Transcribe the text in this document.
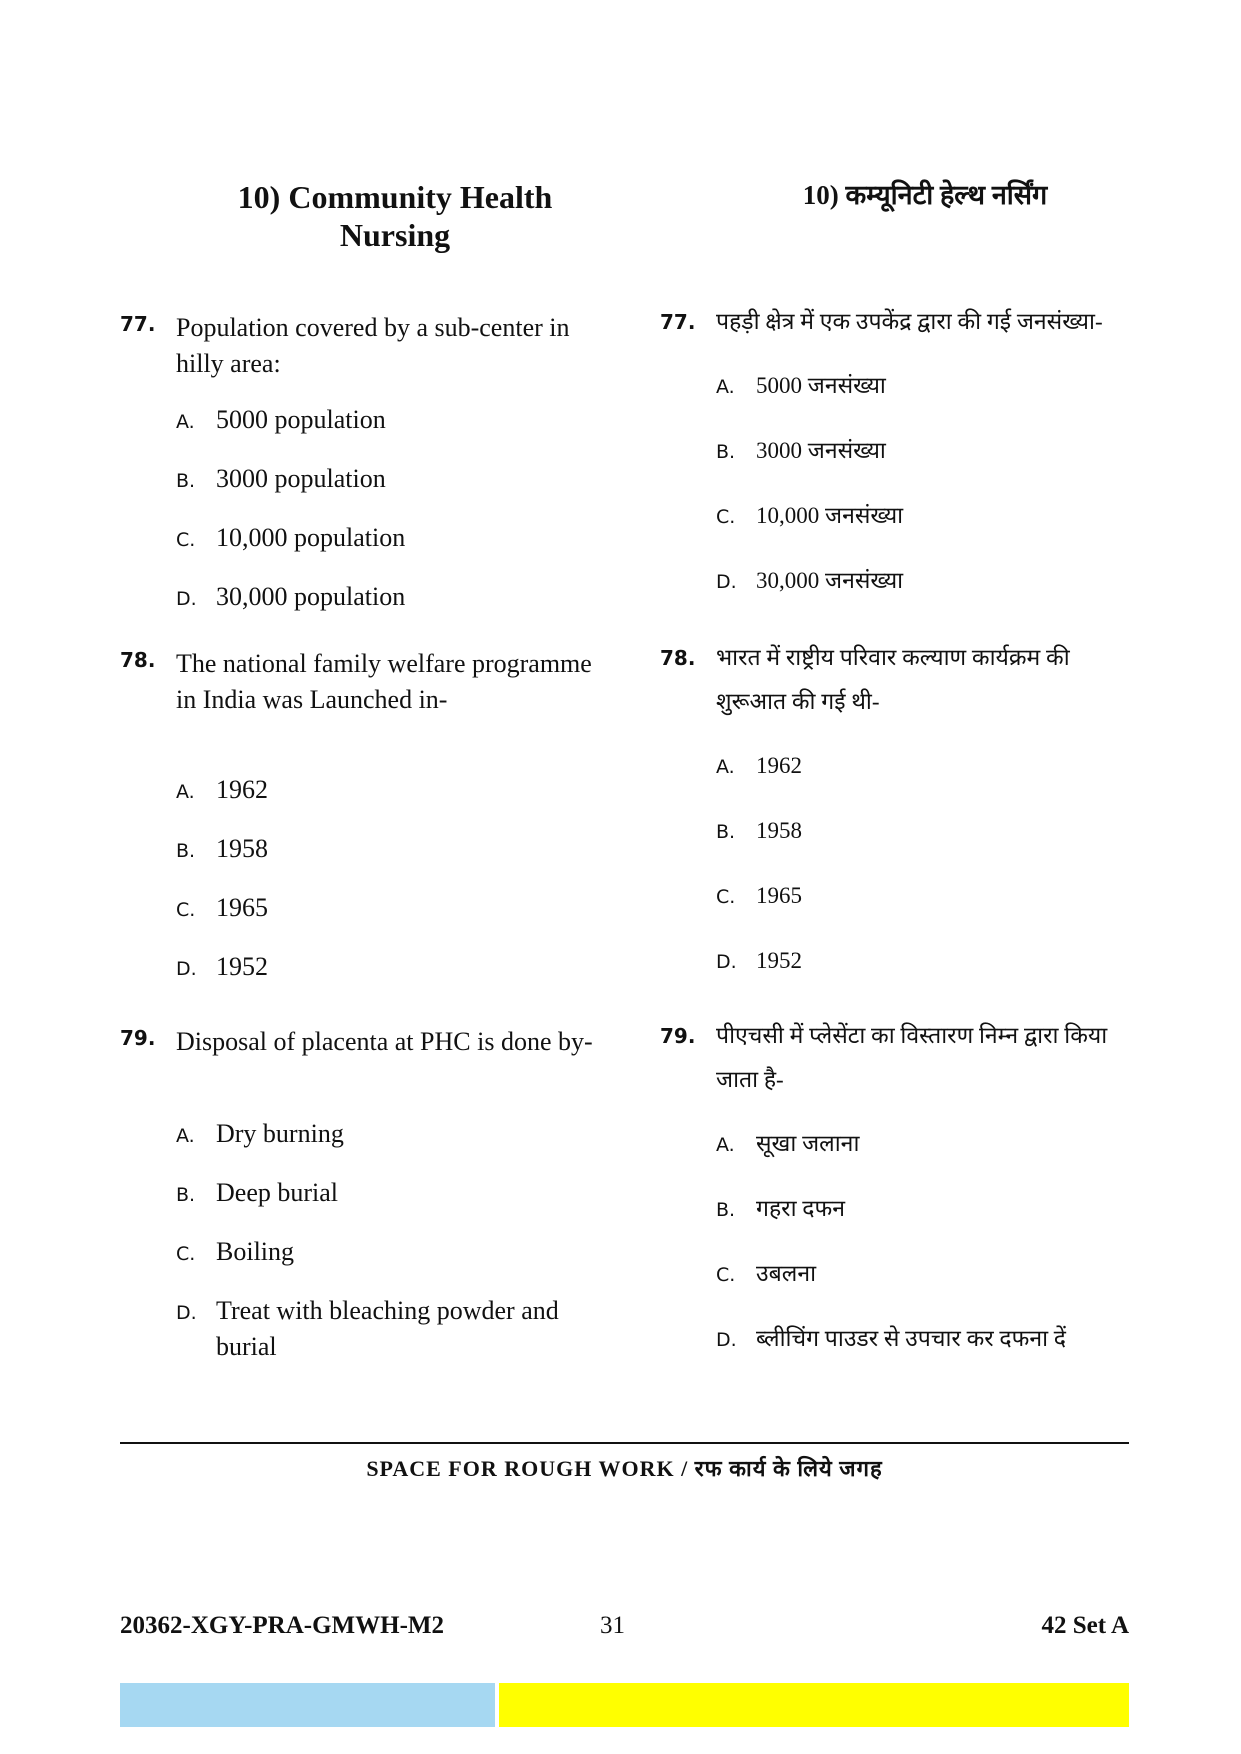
10) Community Health Nursing
10) कम्यूनिटी हेल्थ नर्सिंग
77. Population covered by a sub-center in hilly area:
A. 5000 population
B. 3000 population
C. 10,000 population
D. 30,000 population
78. The national family welfare programme in India was Launched in-
A. 1962
B. 1958
C. 1965
D. 1952
79. Disposal of placenta at PHC is done by-
A. Dry burning
B. Deep burial
C. Boiling
D. Treat with bleaching powder and burial
77. पहड़ी क्षेत्र में एक उपकेंद्र द्वारा की गई जनसंख्या-
A. 5000 जनसंख्या
B. 3000 जनसंख्या
C. 10,000 जनसंख्या
D. 30,000 जनसंख्या
78. भारत में राष्ट्रीय परिवार कल्याण कार्यक्रम की शुरूआत की गई थी-
A. 1962
B. 1958
C. 1965
D. 1952
79. पीएचसी में प्लेसेंटा का विस्तारण निम्न द्वारा किया जाता है-
A. सूखा जलाना
B. गहरा दफन
C. उबलना
D. ब्लीचिंग पाउडर से उपचार कर दफना दें
SPACE FOR ROUGH WORK / रफ कार्य के लिये जगह
20362-XGY-PRA-GMWH-M2	31	42 Set A
